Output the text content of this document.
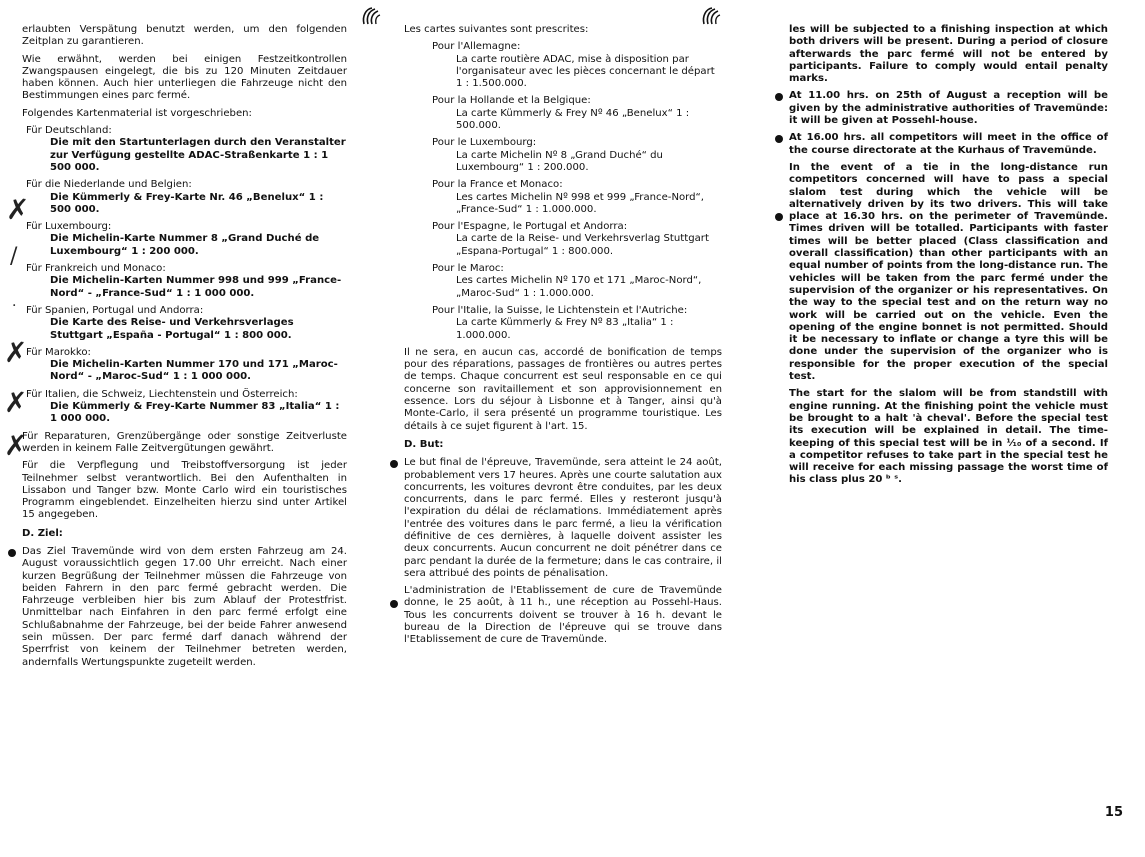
✗
/
·
✗
✗
✗

erlaubten Verspätung benutzt werden, um den folgenden Zeitplan zu garantieren.

Wie erwähnt, werden bei einigen Festzeitkontrollen Zwangspausen eingelegt, die bis zu 120 Minuten Zeitdauer haben können. Auch hier unterliegen die Fahrzeuge nicht den Bestimmungen eines parc fermé.

Folgendes Kartenmaterial ist vorgeschrieben:

Für Deutschland:
Die mit den Startunterlagen durch den Veranstalter zur Verfügung gestellte ADAC-Straßenkarte 1 : 1 500 000.
Für die Niederlande und Belgien:
Die Kümmerly & Frey-Karte Nr. 46 „Benelux“ 1 : 500 000.
Für Luxembourg:
Die Michelin-Karte Nummer 8 „Grand Duché de Luxembourg“ 1 : 200 000.
Für Frankreich und Monaco:
Die Michelin-Karten Nummer 998 und 999 „France-Nord“ - „France-Sud“ 1 : 1 000 000.
Für Spanien, Portugal und Andorra:
Die Karte des Reise- und Verkehrsverlages Stuttgart „España - Portugal“ 1 : 800 000.
Für Marokko:
Die Michelin-Karten Nummer 170 und 171 „Maroc-Nord“ - „Maroc-Sud“ 1 : 1 000 000.
Für Italien, die Schweiz, Liechtenstein und Österreich:
Die Kümmerly & Frey-Karte Nummer 83 „Italia“ 1 : 1 000 000.

Für Reparaturen, Grenzübergänge oder sonstige Zeitverluste werden in keinem Falle Zeitvergütungen gewährt.

Für die Verpflegung und Treibstoffversorgung ist jeder Teilnehmer selbst verantwortlich. Bei den Aufenthalten in Lissabon und Tanger bzw. Monte Carlo wird ein touristisches Programm eingeblendet. Einzelheiten hierzu sind unter Artikel 15 angegeben.

D. Ziel:

Das Ziel Travemünde wird von dem ersten Fahrzeug am 24. August voraussichtlich gegen 17.00 Uhr erreicht. Nach einer kurzen Begrüßung der Teilnehmer müssen die Fahrzeuge von beiden Fahrern in den parc fermé gebracht werden. Die Fahrzeuge verbleiben hier bis zum Ablauf der Protestfrist. Unmittelbar nach Einfahren in den parc fermé erfolgt eine Schlußabnahme der Fahrzeuge, bei der beide Fahrer anwesend sein müssen. Der parc fermé darf danach während der Sperrfrist von keinem der Teilnehmer betreten werden, andernfalls Wertungspunkte zugeteilt werden.

Les cartes suivantes sont prescrites:

Pour l'Allemagne:
La carte routière ADAC, mise à disposition par l'organisateur avec les pièces concernant le départ 1 : 1.500.000.
Pour la Hollande et la Belgique:
La carte Kümmerly & Frey Nº 46 „Benelux“ 1 : 500.000.
Pour le Luxembourg:
La carte Michelin Nº 8 „Grand Duché“ du Luxembourg“ 1 : 200.000.
Pour la France et Monaco:
Les cartes Michelin Nº 998 et 999 „France-Nord“, „France-Sud“ 1 : 1.000.000.
Pour l'Espagne, le Portugal et Andorra:
La carte de la Reise- und Verkehrsverlag Stuttgart „Espana-Portugal“ 1 : 800.000.
Pour le Maroc:
Les cartes Michelin Nº 170 et 171 „Maroc-Nord“, „Maroc-Sud“ 1 : 1.000.000.
Pour l'Italie, la Suisse, le Lichtenstein et l'Autriche:
La carte Kümmerly & Frey Nº 83 „Italia“ 1 : 1.000.000.

Il ne sera, en aucun cas, accordé de bonification de temps pour des réparations, passages de frontières ou autres pertes de temps. Chaque concurrent est seul responsable en ce qui concerne son ravitaillement et son approvisionnement en essence. Lors du séjour à Lisbonne et à Tanger, ainsi qu'à Monte-Carlo, il sera présenté un programme touristique. Les détails à ce sujet figurent à l'art. 15.

D. But:

Le but final de l'épreuve, Travemünde, sera atteint le 24 août, probablement vers 17 heures. Après une courte salutation aux concurrents, les voitures devront être conduites, par les deux concurrents, dans le parc fermé. Elles y resteront jusqu'à l'expiration du délai de réclamations. Immédiatement après l'entrée des voitures dans le parc fermé, a lieu la vérification définitive de ces dernières, à laquelle doivent assister les deux concurrents. Aucun concurrent ne doit pénétrer dans ce parc pendant la durée de la fermeture; dans le cas contraire, il sera attribué des points de pénalisation.

L'administration de l'Etablissement de cure de Travemünde donne, le 25 août, à 11 h., une réception au Possehl-Haus. Tous les concurrents doivent se trouver à 16 h. devant le bureau de la Direction de l'épreuve qui se trouve dans l'Etablissement de cure de Travemünde.

les will be subjected to a finishing inspection at which both drivers will be present. During a period of closure afterwards the parc fermé will not be entered by participants. Failure to comply would entail penalty marks.

At 11.00 hrs. on 25th of August a reception will be given by the administrative authorities of Travemünde: it will be given at Possehl-house.

At 16.00 hrs. all competitors will meet in the office of the course directorate at the Kurhaus of Travemünde.

In the event of a tie in the long-distance run competitors concerned will have to pass a special slalom test during which the vehicle will be alternatively driven by its two drivers. This will take place at 16.30 hrs. on the perimeter of Travemünde. Times driven will be totalled. Participants with faster times will be better placed (Class classification and overall classification) than other participants with an equal number of points from the long-distance run. The vehicles will be taken from the parc fermé under the supervision of the organizer or his representatives. On the way to the special test and on the return way no work will be carried out on the vehicle. Even the opening of the engine bonnet is not permitted. Should it be necessary to inflate or change a tyre this will be done under the supervision of the organizer who is responsible for the proper execution of the special test.

The start for the slalom will be from standstill with engine running. At the finishing point the vehicle must be brought to a halt 'à cheval'. Before the special test its execution will be explained in detail. The time-keeping of this special test will be in ¹⁄₁₀ of a second. If a competitor refuses to take part in the special test he will receive for each missing passage the worst time of his class plus 20 ᵇ ˢ.

15
